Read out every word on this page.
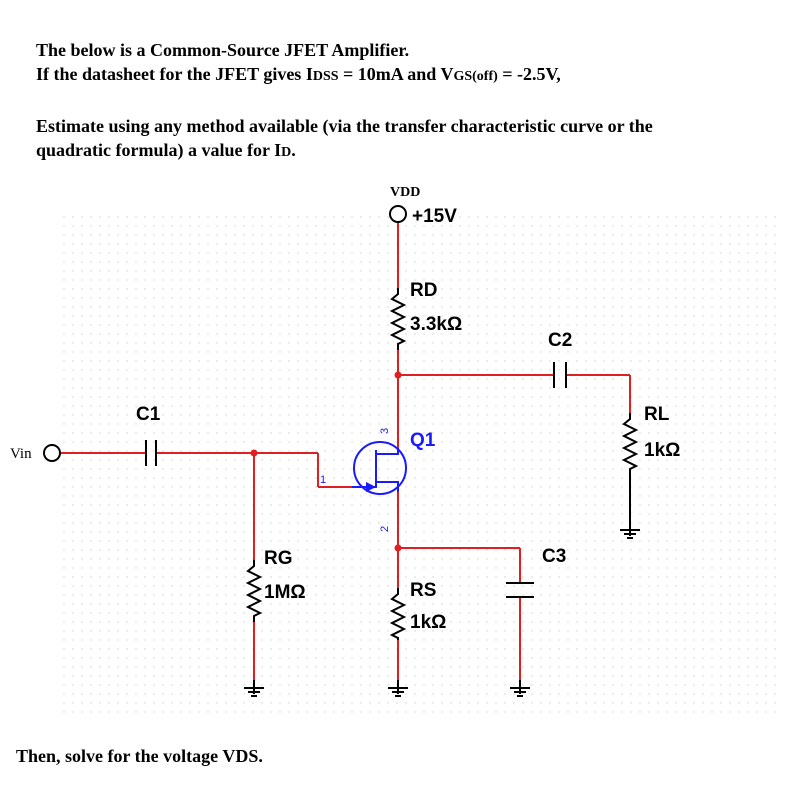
The below is a Common-Source JFET Amplifier.
If the datasheet for the JFET gives IDSS = 10mA and VGS(off) = -2.5V,
Estimate using any method available (via the transfer characteristic curve or the
quadratic formula) a value for ID.
Then, solve for the voltage VDS.
3
2
1
VDD
+15V
Vin
RD
3.3kΩ
C1
C2
C3
Q1
RL
1kΩ
RG
1MΩ	RS
1kΩ
